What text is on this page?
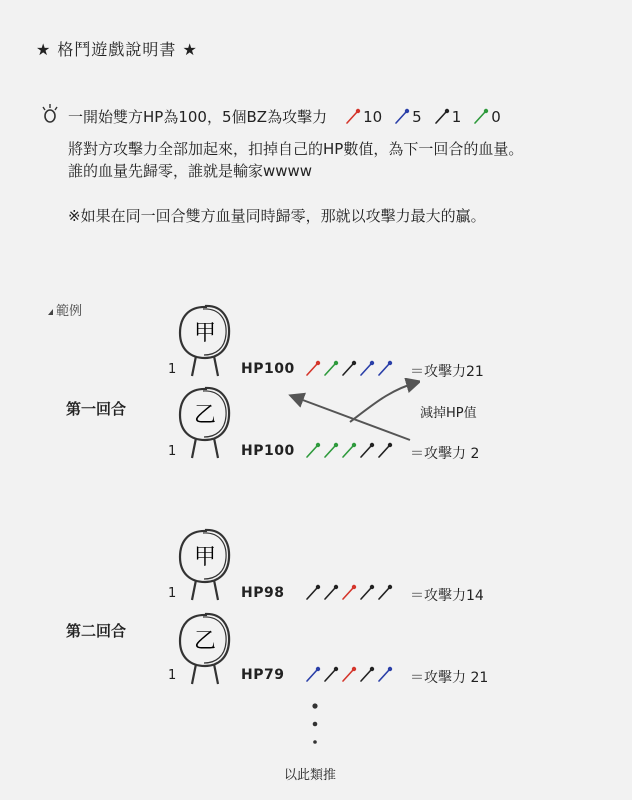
★ 格鬥遊戲說明書 ★
一開始雙方HP為100，5個BZ為攻擊力 10 5 1 0
將對方攻擊力全部加起來，扣掉自己的HP數值，為下一回合的血量。
誰的血量先歸零，誰就是輸家wwww
※如果在同一回合雙方血量同時歸零，那就以攻擊力最大的贏。
範例
第一回合
甲
1	HP100	＝攻擊力21
乙
1	HP100	＝攻擊力 2
減掉HP值
第二回合
甲
1	HP98	＝攻擊力14
乙
1	HP79	＝攻擊力 21
以此類推
